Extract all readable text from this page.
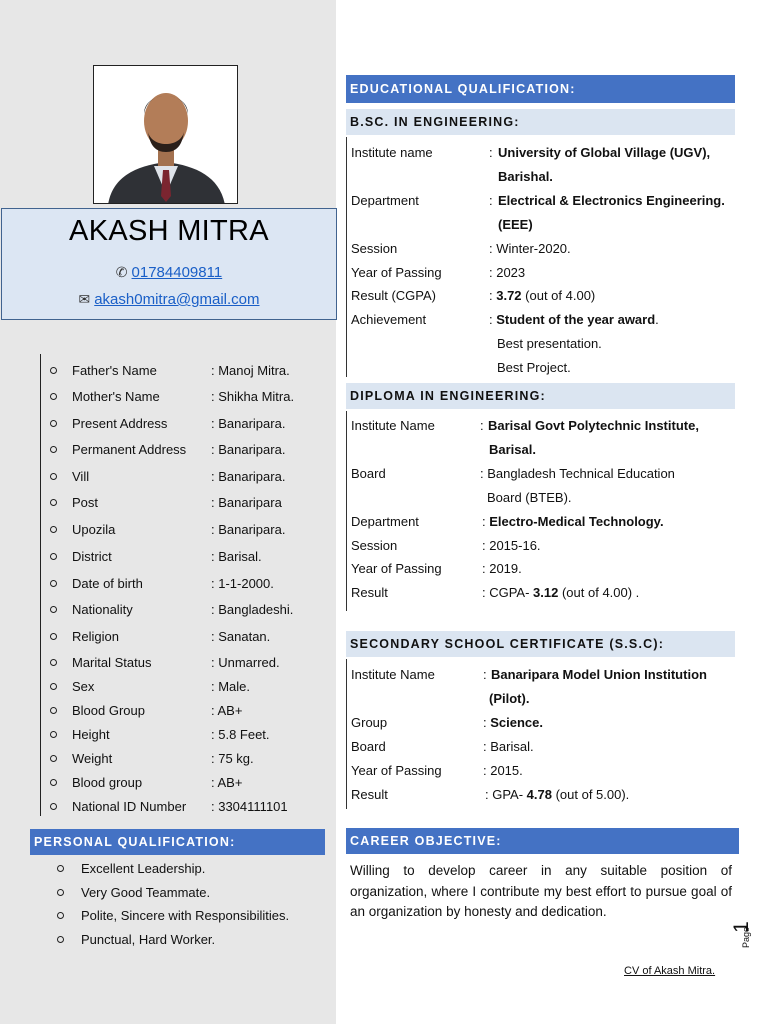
AKASH MITRA
✆ 01784409811
✉ akash0mitra@gmail.com
Father's Name	: Manoj Mitra.
Mother's Name	: Shikha Mitra.
Present Address	: Banaripara.
Permanent Address	: Banaripara.
Vill	: Banaripara.
Post	: Banaripara
Upozila	: Banaripara.
District	: Barisal.
Date of birth	: 1-1-2000.
Nationality	: Bangladeshi.
Religion	: Sanatan.
Marital Status	: Unmarred.
Sex	: Male.
Blood Group	: AB+
Height	: 5.8 Feet.
Weight	: 75 kg.
Blood group	: AB+
National ID Number	: 3304111101
PERSONAL QUALIFICATION:
Excellent Leadership.
Very Good Teammate.
Polite, Sincere with Responsibilities.
Punctual, Hard Worker.
EDUCATIONAL QUALIFICATION:
B.SC. IN ENGINEERING:
Institute name	: University of Global Village (UGV),
Barishal.
Department	: Electrical & Electronics Engineering.
(EEE)
Session	: Winter-2020.
Year of Passing	: 2023
Result (CGPA)	: 3.72 (out of 4.00)
Achievement	: Student of the year award.
Best presentation.
Best Project.
DIPLOMA IN ENGINEERING:
Institute Name	: Barisal Govt Polytechnic Institute,
Barisal.
Board	: Bangladesh Technical Education
Board (BTEB).
Department	: Electro-Medical Technology.
Session	: 2015-16.
Year of Passing	: 2019.
Result	: CGPA- 3.12 (out of 4.00) .
SECONDARY SCHOOL CERTIFICATE (S.S.C):
Institute Name	: Banaripara Model Union Institution
(Pilot).
Group	: Science.
Board	: Barisal.
Year of Passing	: 2015.
Result	: GPA- 4.78 (out of 5.00).
CAREER OBJECTIVE:
Willing to develop career in any suitable position of organization, where I contribute my best effort to pursue goal of an organization by honesty and dedication.
1
Page
CV of Akash Mitra.
